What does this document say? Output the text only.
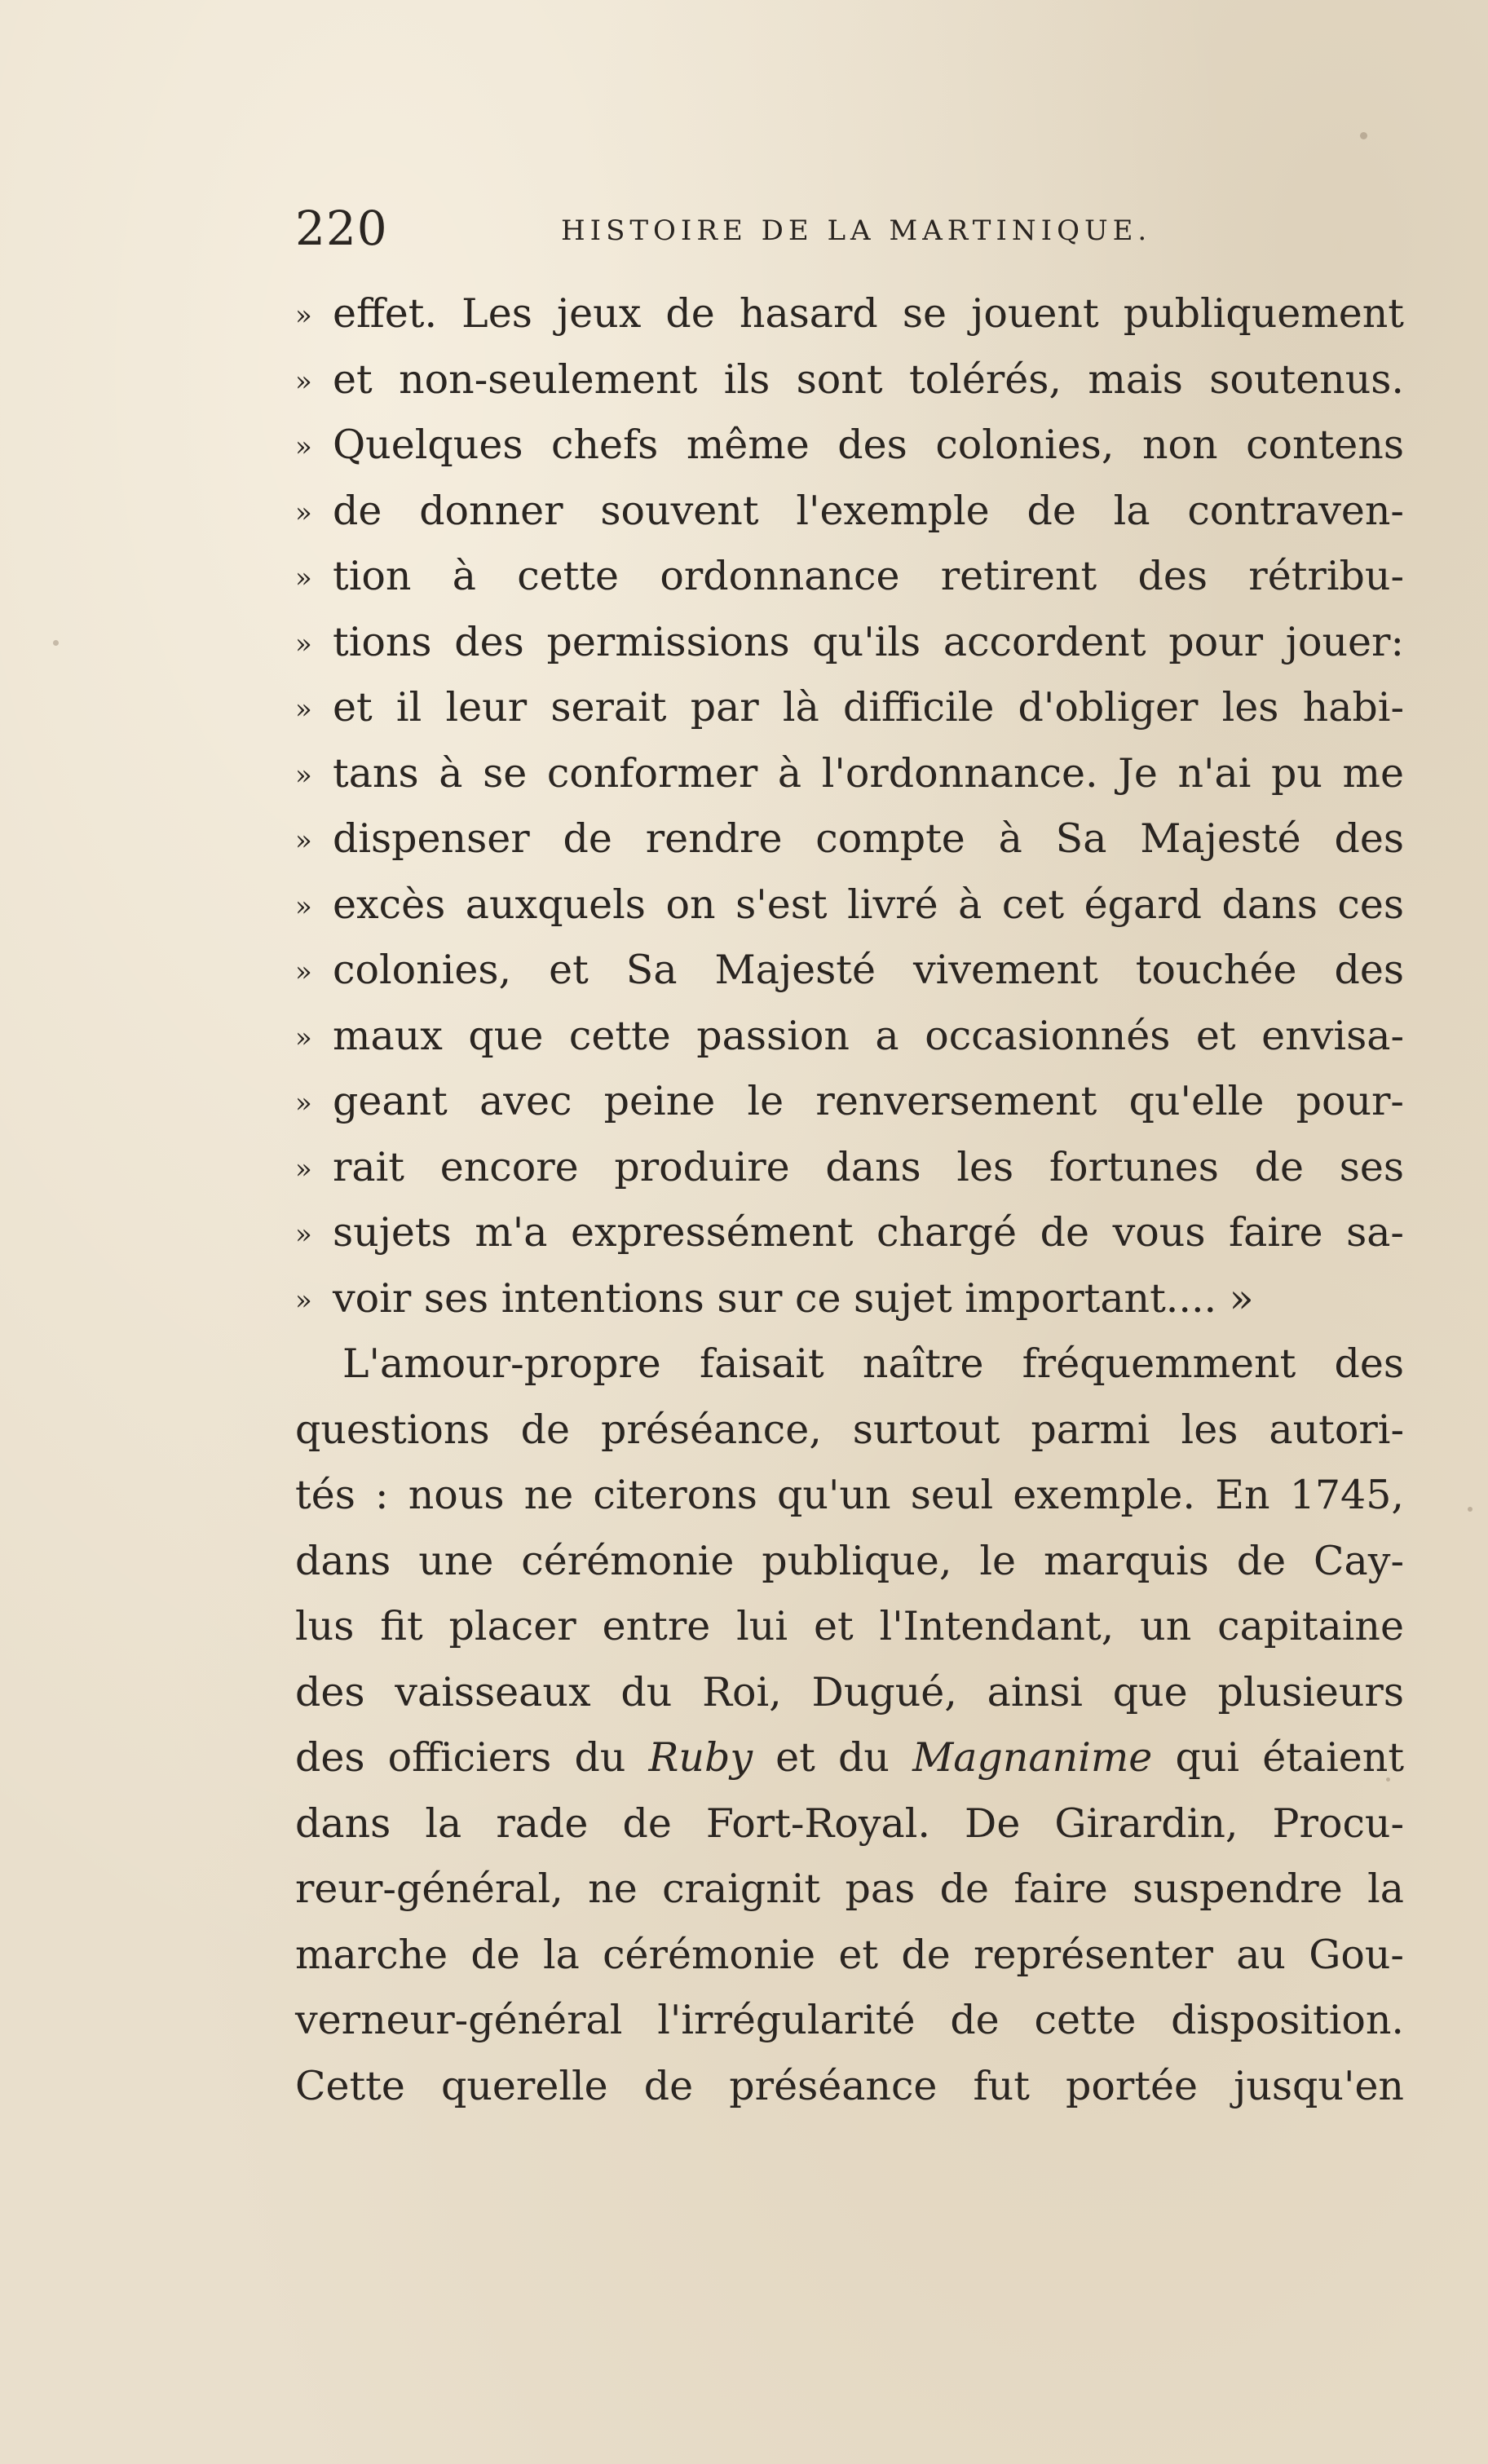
220	HISTOIRE DE LA MARTINIQUE.
» effet. Les jeux de hasard se jouent publiquement
» et non-seulement ils sont tolérés, mais soutenus.
» Quelques chefs même des colonies, non contens
» de donner souvent l'exemple de la contraven-
» tion à cette ordonnance retirent des rétribu-
» tions des permissions qu'ils accordent pour jouer:
» et il leur serait par là difficile d'obliger les habi-
» tans à se conformer à l'ordonnance. Je n'ai pu me
» dispenser de rendre compte à Sa Majesté des
» excès auxquels on s'est livré à cet égard dans ces
» colonies, et Sa Majesté vivement touchée des
» maux que cette passion a occasionnés et envisa-
» geant avec peine le renversement qu'elle pour-
» rait encore produire dans les fortunes de ses
» sujets m'a expressément chargé de vous faire sa-
» voir ses intentions sur ce sujet important.... »
L'amour-propre faisait naître fréquemment des
questions de préséance, surtout parmi les autori-
tés : nous ne citerons qu'un seul exemple. En 1745,
dans une cérémonie publique, le marquis de Cay-
lus fit placer entre lui et l'Intendant, un capitaine
des vaisseaux du Roi, Dugué, ainsi que plusieurs
des officiers du Ruby et du Magnanime qui étaient
dans la rade de Fort-Royal. De Girardin, Procu-
reur-général, ne craignit pas de faire suspendre la
marche de la cérémonie et de représenter au Gou-
verneur-général l'irrégularité de cette disposition.
Cette querelle de préséance fut portée jusqu'en
